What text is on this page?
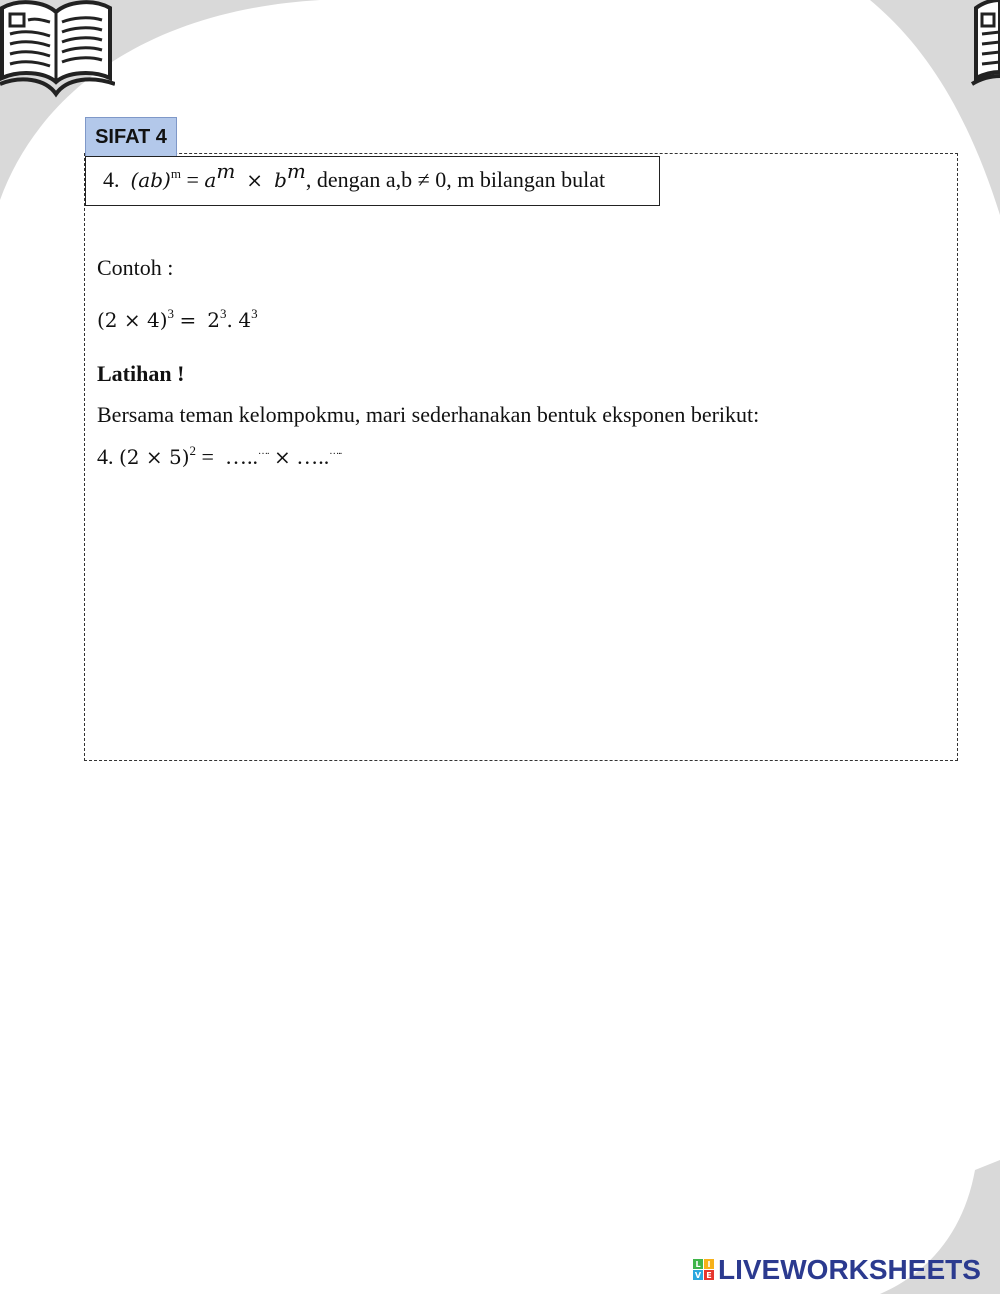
SIFAT 4
4. $(ab)^m = a^m \times b^m$, dengan a,b ≠ 0, m bilangan bulat
Contoh :
$(2 \times 4)^3 = 2^3$. $4^3$
Latihan !
Bersama teman kelompokmu, mari sederhanakan bentuk eksponen berikut:
4. $(2 \times 5)^2$ = …..…. × …..…..
L I
V E LIVEWORKSHEETS
